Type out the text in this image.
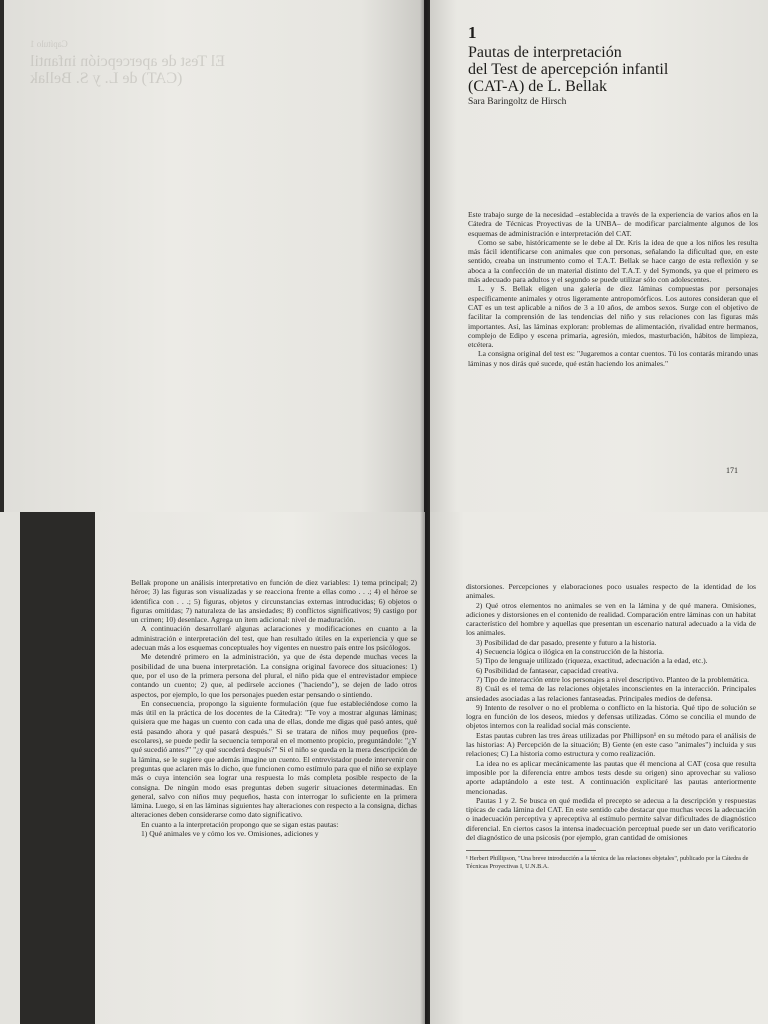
Capítulo 1
El Test de apercepción infantil
(CAT) de L. y S. Bellak
1
Pautas de interpretación
del Test de apercepción infantil
(CAT-A) de L. Bellak
Sara Baringoltz de Hirsch

Este trabajo surge de la necesidad –establecida a través de la experiencia de varios años en la Cátedra de Técnicas Proyectivas de la UNBA– de modificar parcialmente algunos de los esquemas de administración e interpretación del CAT.

Como se sabe, históricamente se le debe al Dr. Kris la idea de que a los niños les resulta más fácil identificarse con animales que con personas, señalando la dificultad que, en este sentido, creaba un instrumento como el T.A.T. Bellak se hace cargo de esta reflexión y se aboca a la confección de un material distinto del T.A.T. y del Symonds, ya que el primero es más adecuado para adultos y el segundo se puede utilizar sólo con adolescentes.

L. y S. Bellak eligen una galería de diez láminas compuestas por personajes específicamente animales y otros ligeramente antropomórficos. Los autores consideran que el CAT es un test aplicable a niños de 3 a 10 años, de ambos sexos. Surge con el objetivo de facilitar la comprensión de las tendencias del niño y sus relaciones con las figuras más importantes. Así, las láminas exploran: problemas de alimentación, rivalidad entre hermanos, complejo de Edipo y escena primaria, agresión, miedos, masturbación, hábitos de limpieza, etcétera.

La consigna original del test es: "Jugaremos a contar cuentos. Tú los contarás mirando unas láminas y nos dirás qué sucede, qué están haciendo los animales."

171

Bellak propone un análisis interpretativo en función de diez variables: 1) tema principal; 2) héroe; 3) las figuras son visualizadas y se reacciona frente a ellas como . . .; 4) el héroe se identifica con . . .; 5) figuras, objetos y circunstancias externas introducidas; 6) objetos o figuras omitidas; 7) naturaleza de las ansiedades; 8) conflictos significativos; 9) castigo por un crimen; 10) desenlace. Agrega un ítem adicional: nivel de maduración.

A continuación desarrollaré algunas aclaraciones y modificaciones en cuanto a la administración e interpretación del test, que han resultado útiles en la experiencia y que se adecuan más a los esquemas conceptuales hoy vigentes en nuestro país entre los psicólogos.

Me detendré primero en la administración, ya que de ésta depende muchas veces la posibilidad de una buena interpretación. La consigna original favorece dos situaciones: 1) que, por el uso de la primera persona del plural, el niño pida que el entrevistador empiece contando un cuento; 2) que, al pedírsele acciones ("haciendo"), se dejen de lado otros aspectos, por ejemplo, lo que los personajes pueden estar pensando o sintiendo.

En consecuencia, propongo la siguiente formulación (que fue estableciéndose como la más útil en la práctica de los docentes de la Cátedra): "Te voy a mostrar algunas láminas; quisiera que me hagas un cuento con cada una de ellas, donde me digas qué pasó antes, qué está pasando ahora y qué pasará después." Si se tratara de niños muy pequeños (pre-escolares), se puede pedir la secuencia temporal en el momento propicio, preguntándole: "¿Y qué sucedió antes?" "¿y qué sucederá después?" Si el niño se queda en la mera descripción de la lámina, se le sugiere que además imagine un cuento. El entrevistador puede intervenir con preguntas que aclaren más lo dicho, que funcionen como estímulo para que el niño se explaye más o cuya intención sea lograr una respuesta lo más completa posible respecto de la consigna. De ningún modo esas preguntas deben sugerir situaciones determinadas. En general, salvo con niños muy pequeños, hasta con interrogar lo suficiente en la primera lámina. Luego, si en las láminas siguientes hay alteraciones con respecto a la consigna, dichas alteraciones deben considerarse como dato significativo.

En cuanto a la interpretación propongo que se sigan estas pautas:

1) Qué animales ve y cómo los ve. Omisiones, adiciones y

distorsiones. Percepciones y elaboraciones poco usuales respecto de la identidad de los animales.

2) Qué otros elementos no animales se ven en la lámina y de qué manera. Omisiones, adiciones y distorsiones en el contenido de realidad. Comparación entre láminas con un habitat característico del hombre y aquellas que presentan un escenario natural adecuado a la vida de los animales.

3) Posibilidad de dar pasado, presente y futuro a la historia.

4) Secuencia lógica o ilógica en la construcción de la historia.

5) Tipo de lenguaje utilizado (riqueza, exactitud, adecuación a la edad, etc.).

6) Posibilidad de fantasear, capacidad creativa.

7) Tipo de interacción entre los personajes a nivel descriptivo. Planteo de la problemática.

8) Cuál es el tema de las relaciones objetales inconscientes en la interacción. Principales ansiedades asociadas a las relaciones fantaseadas. Principales medios de defensa.

9) Intento de resolver o no el problema o conflicto en la historia. Qué tipo de solución se logra en función de los deseos, miedos y defensas utilizadas. Cómo se concilia el mundo de objetos internos con la realidad social más consciente.

Estas pautas cubren las tres áreas utilizadas por Phillipson¹ en su método para el análisis de las historias: A) Percepción de la situación; B) Gente (en este caso "animales") incluida y sus relaciones; C) La historia como estructura y como realización.

La idea no es aplicar mecánicamente las pautas que él menciona al CAT (cosa que resulta imposible por la diferencia entre ambos tests desde su origen) sino aprovechar su valioso aporte adaptándolo a este test. A continuación explicitaré las pautas anteriormente mencionadas.

Pautas 1 y 2. Se busca en qué medida el precepto se adecua a la descripción y respuestas típicas de cada lámina del CAT. En este sentido cabe destacar que muchas veces la adecuación o inadecuación perceptiva y apreceptiva al estímulo permite salvar dificultades de diagnóstico diferencial. En ciertos casos la intensa inadecuación perceptual puede ser un dato verificatorio del diagnóstico de una psicosis (por ejemplo, gran cantidad de omisiones

¹ Herbert Phillipson, "Una breve introducción a la técnica de las relaciones objetales", publicado por la Cátedra de Técnicas Proyectivas I, U.N.B.A.
